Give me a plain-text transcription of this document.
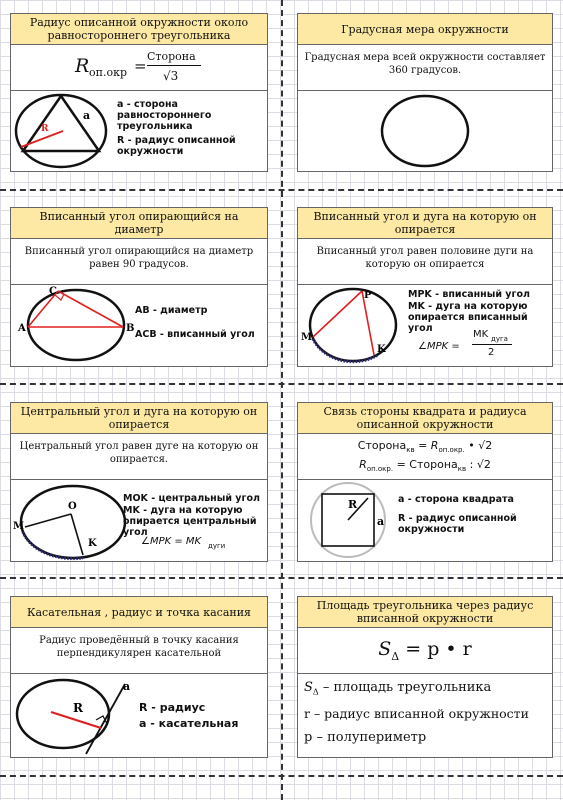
Радиус описанной окружности около равностороннего треугольника
R оп.окр =
Сторона
√3
R
a
a - сторона равностороннего треугольника
R - радиус описанной окружности
Градусная мера окружности
Градусная мера всей окружности составляет 360 градусов.
Вписанный угол опирающийся на диаметр
Вписанный угол опирающийся на диаметр равен 90 градусов.
A	B
C
AB - диаметр
ACB - вписанный угол
Вписанный угол и дуга на которую он опирается
Вписанный угол равен половине дуги на которую он опирается
P
M
K
MPK - вписанный угол
MK - дуга на которую опирается вписанный угол
∠MPK =
MK дуга
2
Центральный угол и дуга на которую он опирается
Центральный угол равен дуге на которую он опирается.
O
M
K
MOK - центральный угол
MK - дуга на которую опирается центральный угол
∠MPK = MK дуги
Связь стороны квадрата и радиуса описанной окружности
Сторона$_{кв}$ = $R_{оп.окр.}$ • √2
$R_{оп.окр.}$ = Сторона$_{кв}$ : √2
R
a
a - сторона квадрата
R - радиус описанной окружности
Касательная , радиус и точка касания
Радиус проведённый в точку касания перпендикулярен касательной
R
a
R - радиус
a - касательная
Площадь треугольника через радиус вписанной окружности
$S_\Delta = p$ • r
$S_\Delta$ – площадь треугольника
r – радиус вписанной окружности
p – полупериметр
